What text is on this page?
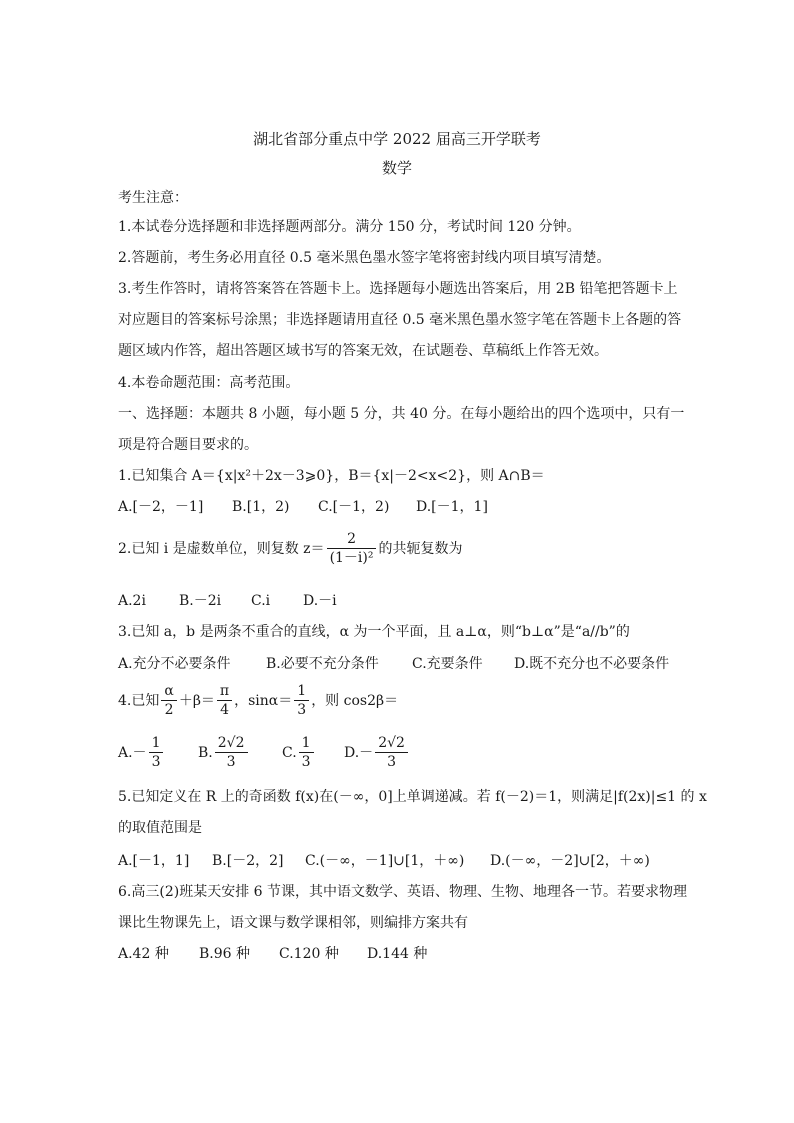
湖北省部分重点中学 2022 届高三开学联考
数学
考生注意：
1.本试卷分选择题和非选择题两部分。满分 150 分，考试时间 120 分钟。
2.答题前，考生务必用直径 0.5 毫米黑色墨水签字笔将密封线内项目填写清楚。
3.考生作答时，请将答案答在答题卡上。选择题每小题选出答案后，用 2B 铅笔把答题卡上
对应题目的答案标号涂黑；非选择题请用直径 0.5 毫米黑色墨水签字笔在答题卡上各题的答
题区域内作答，超出答题区域书写的答案无效，在试题卷、草稿纸上作答无效。
4.本卷命题范围：高考范围。
一、选择题：本题共 8 小题，每小题 5 分，共 40 分。在每小题给出的四个选项中，只有一
项是符合题目要求的。
1.已知集合 A＝{x|x²＋2x－3⩾0}，B＝{x|－2<x<2}，则 A∩B＝
A.[－2，－1] B.[1，2) C.[－1，2) D.[－1，1]
2.已知 i 是虚数单位，则复数 $z= \frac{2}{\text{(1－i)²}}$ 的共轭复数为
A.2i B.－2i C.i D.－i
3.已知 a，b 是两条不重合的直线，α 为一个平面，且 a⊥α，则“b⊥α”是“a//b”的
A.充分不必要条件	B.必要不充分条件 C.充要条件 D.既不充分也不必要条件
4.已知 $\frac{\alpha}{2} +\beta= \frac{\pi}{4}$ ，$\sin\alpha= \frac{1}{3}$ ，则 cos2β＝
$A.- \frac{1}{3} B$. $\frac{2√2}{3} C$. $\frac{1}{3} D.- \frac{2√2}{3}$
5.已知定义在 R 上的奇函数 f(x)在(－∞，0]上单调递减。若 f(－2)＝1，则满足|f(2x)|≤1 的 x
的取值范围是
A.[－1，1] B.[－2，2] C.(－∞，－1]∪[1，＋∞) D.(－∞，－2]∪[2，＋∞)
6.高三(2)班某天安排 6 节课，其中语文数学、英语、物理、生物、地理各一节。若要求物理
课比生物课先上，语文课与数学课相邻，则编排方案共有
A.42 种 B.96 种 C.120 种 D.144 种
